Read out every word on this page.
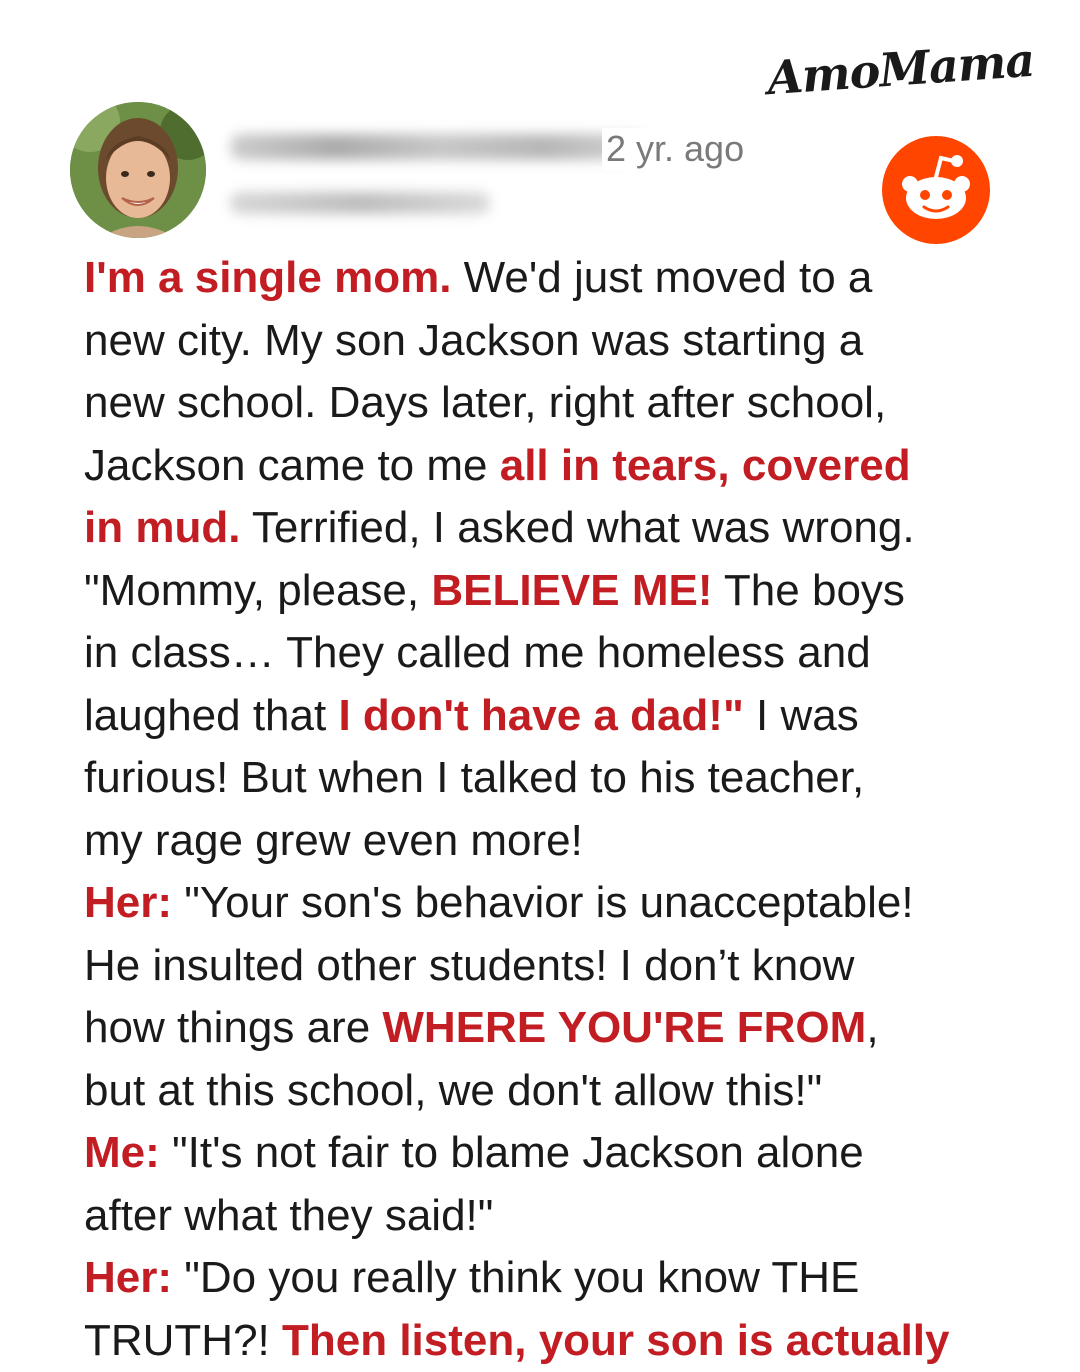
AmoMama
2 yr. ago
I'm a single mom. We'd just moved to a
new city. My son Jackson was starting a
new school. Days later, right after school,
Jackson came to me all in tears, covered
in mud. Terrified, I asked what was wrong.
"Mommy, please, BELIEVE ME! The boys
in class… They called me homeless and
laughed that I don't have a dad!" I was
furious! But when I talked to his teacher,
my rage grew even more!
Her: "Your son's behavior is unacceptable!
He insulted other students! I don’t know
how things are WHERE YOU'RE FROM,
but at this school, we don't allow this!"
Me: "It's not fair to blame Jackson alone
after what they said!"
Her: "Do you really think you know THE
TRUTH?! Then listen, your son is actually
